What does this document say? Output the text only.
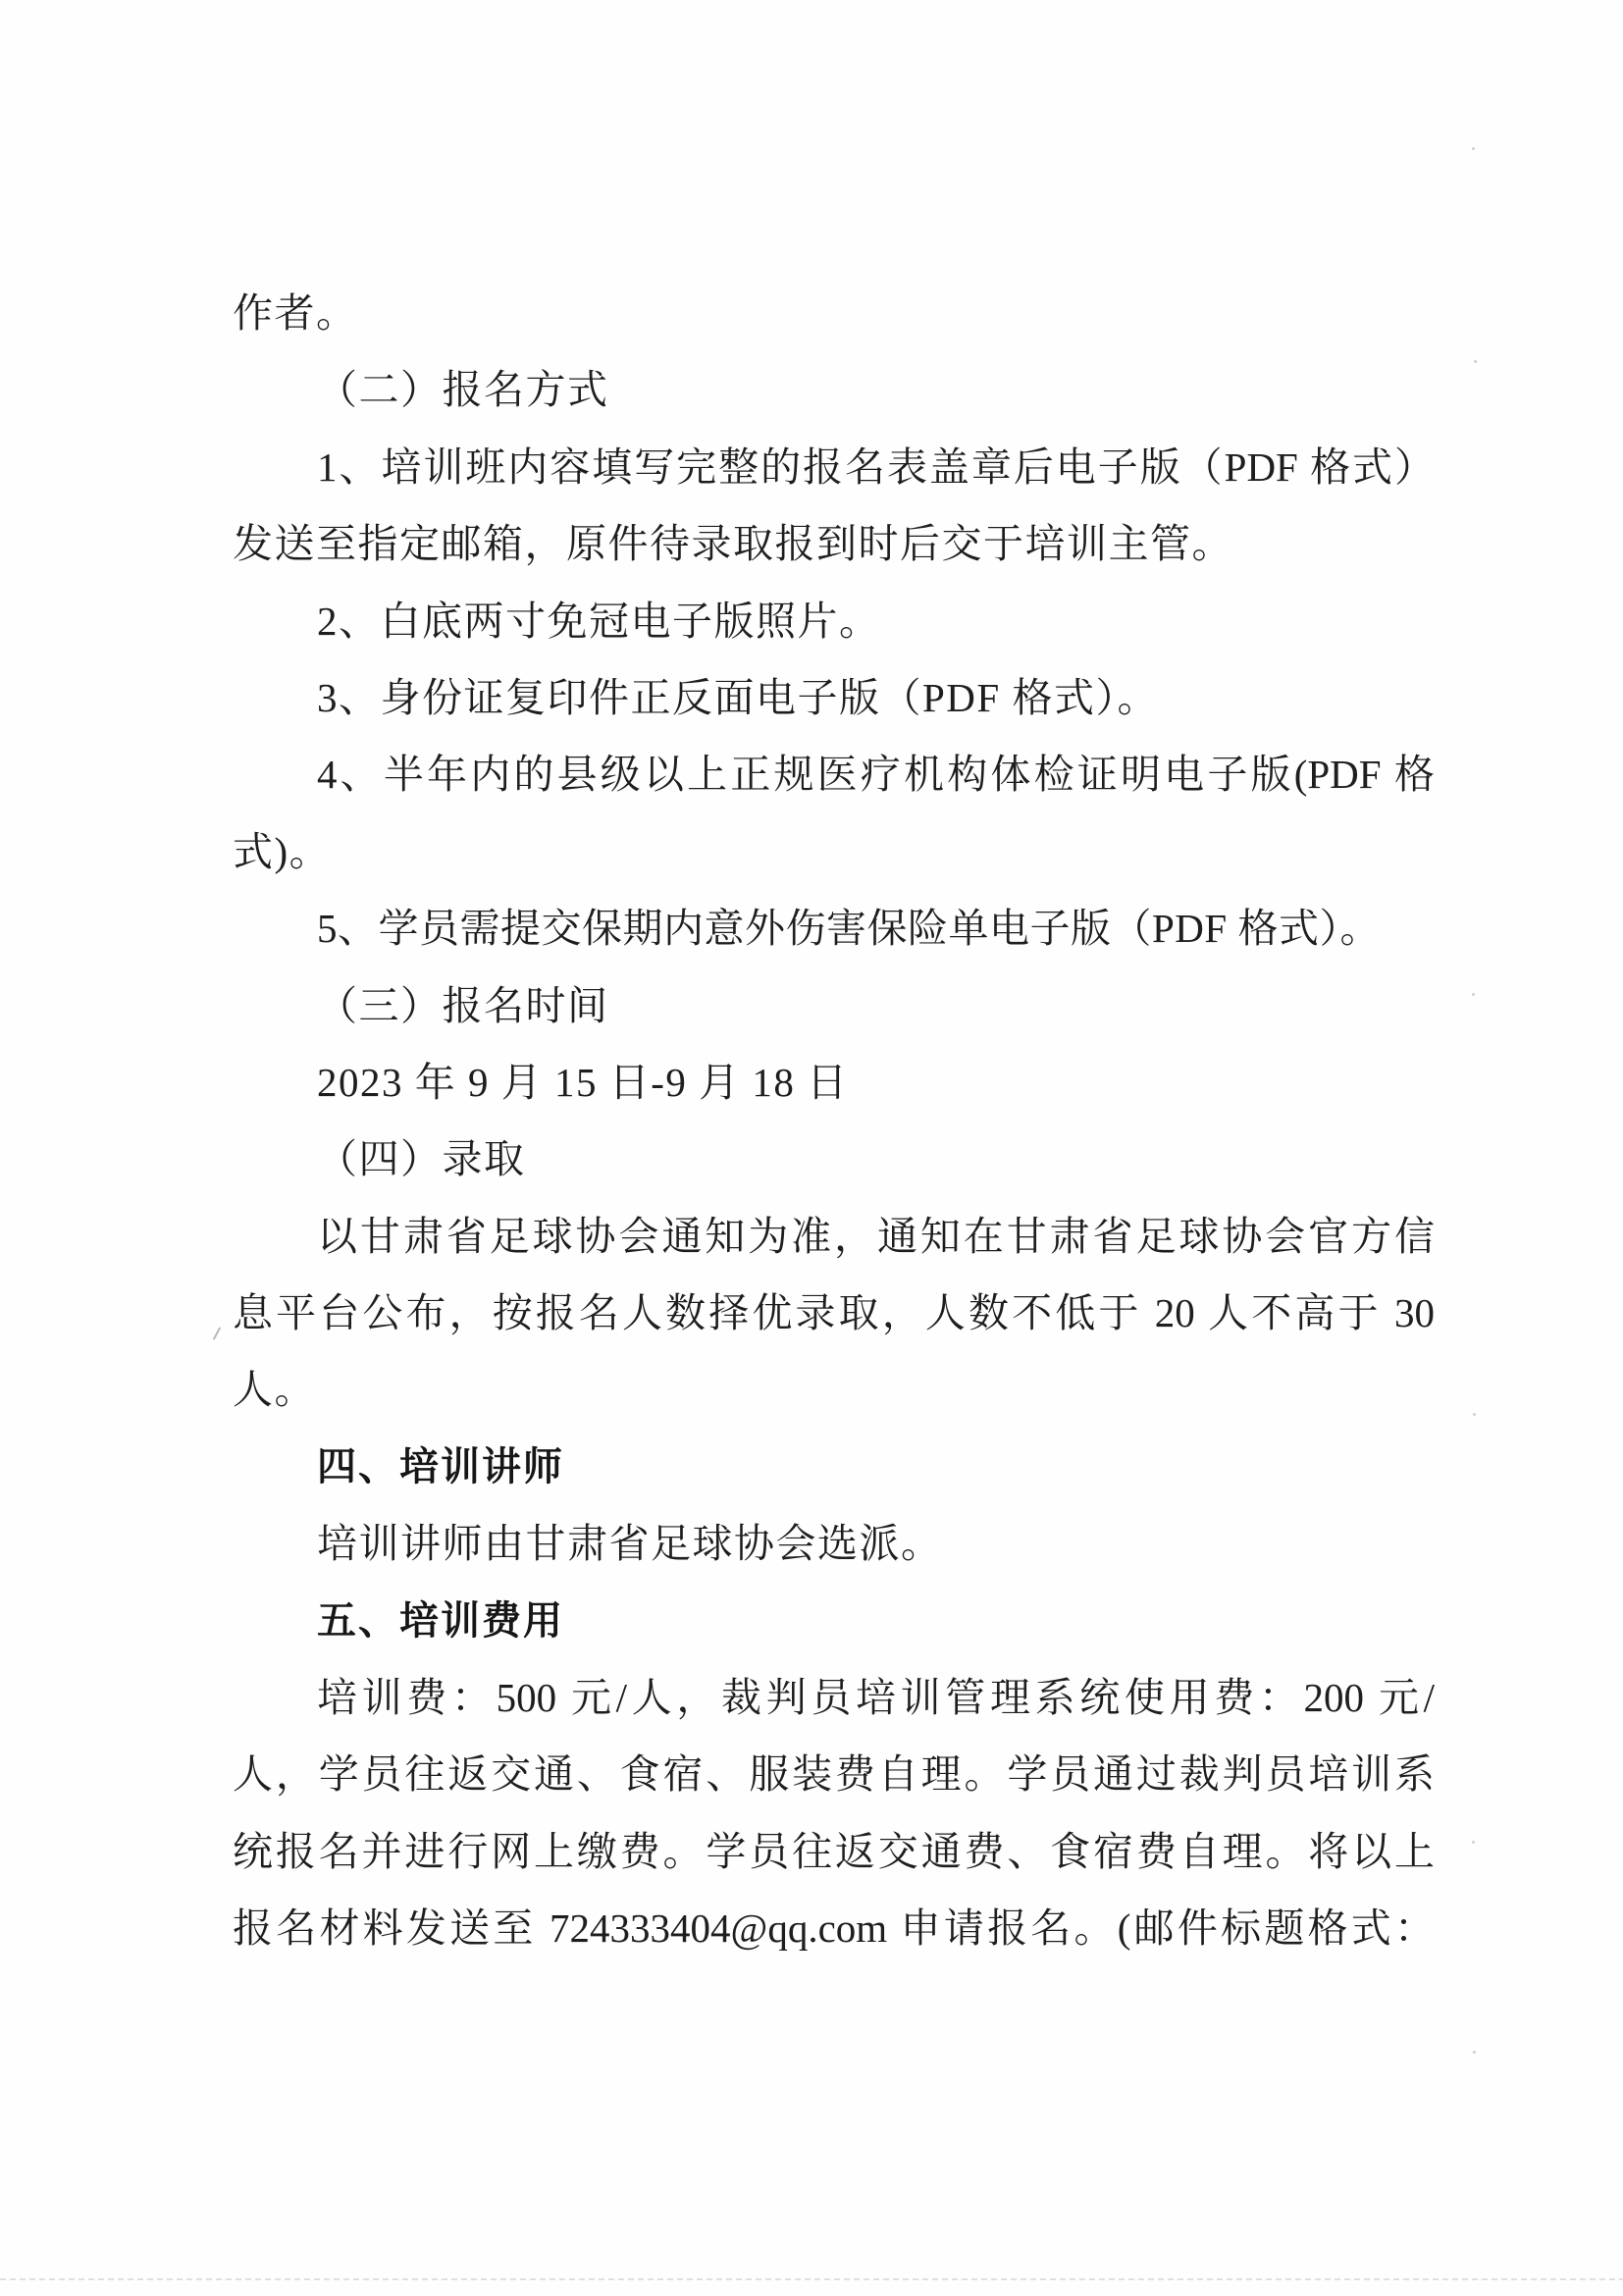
作者。
（二）报名方式
1、培训班内容填写完整的报名表盖章后电子版（PDF 格式）
发送至指定邮箱，原件待录取报到时后交于培训主管。
2、白底两寸免冠电子版照片。
3、身份证复印件正反面电子版（PDF 格式）。
4、半年内的县级以上正规医疗机构体检证明电子版(PDF 格
式)。
5、学员需提交保期内意外伤害保险单电子版（PDF 格式）。
（三）报名时间
2023 年 9 月 15 日-9 月 18 日
（四）录取
以甘肃省足球协会通知为准，通知在甘肃省足球协会官方信
息平台公布，按报名人数择优录取，人数不低于 20 人不高于 30
人。
四、培训讲师
培训讲师由甘肃省足球协会选派。
五、培训费用
培训费：500 元/人，裁判员培训管理系统使用费：200 元/
人，学员往返交通、食宿、服装费自理。学员通过裁判员培训系
统报名并进行网上缴费。学员往返交通费、食宿费自理。将以上
报名材料发送至 724333404@qq.com 申请报名。(邮件标题格式：
